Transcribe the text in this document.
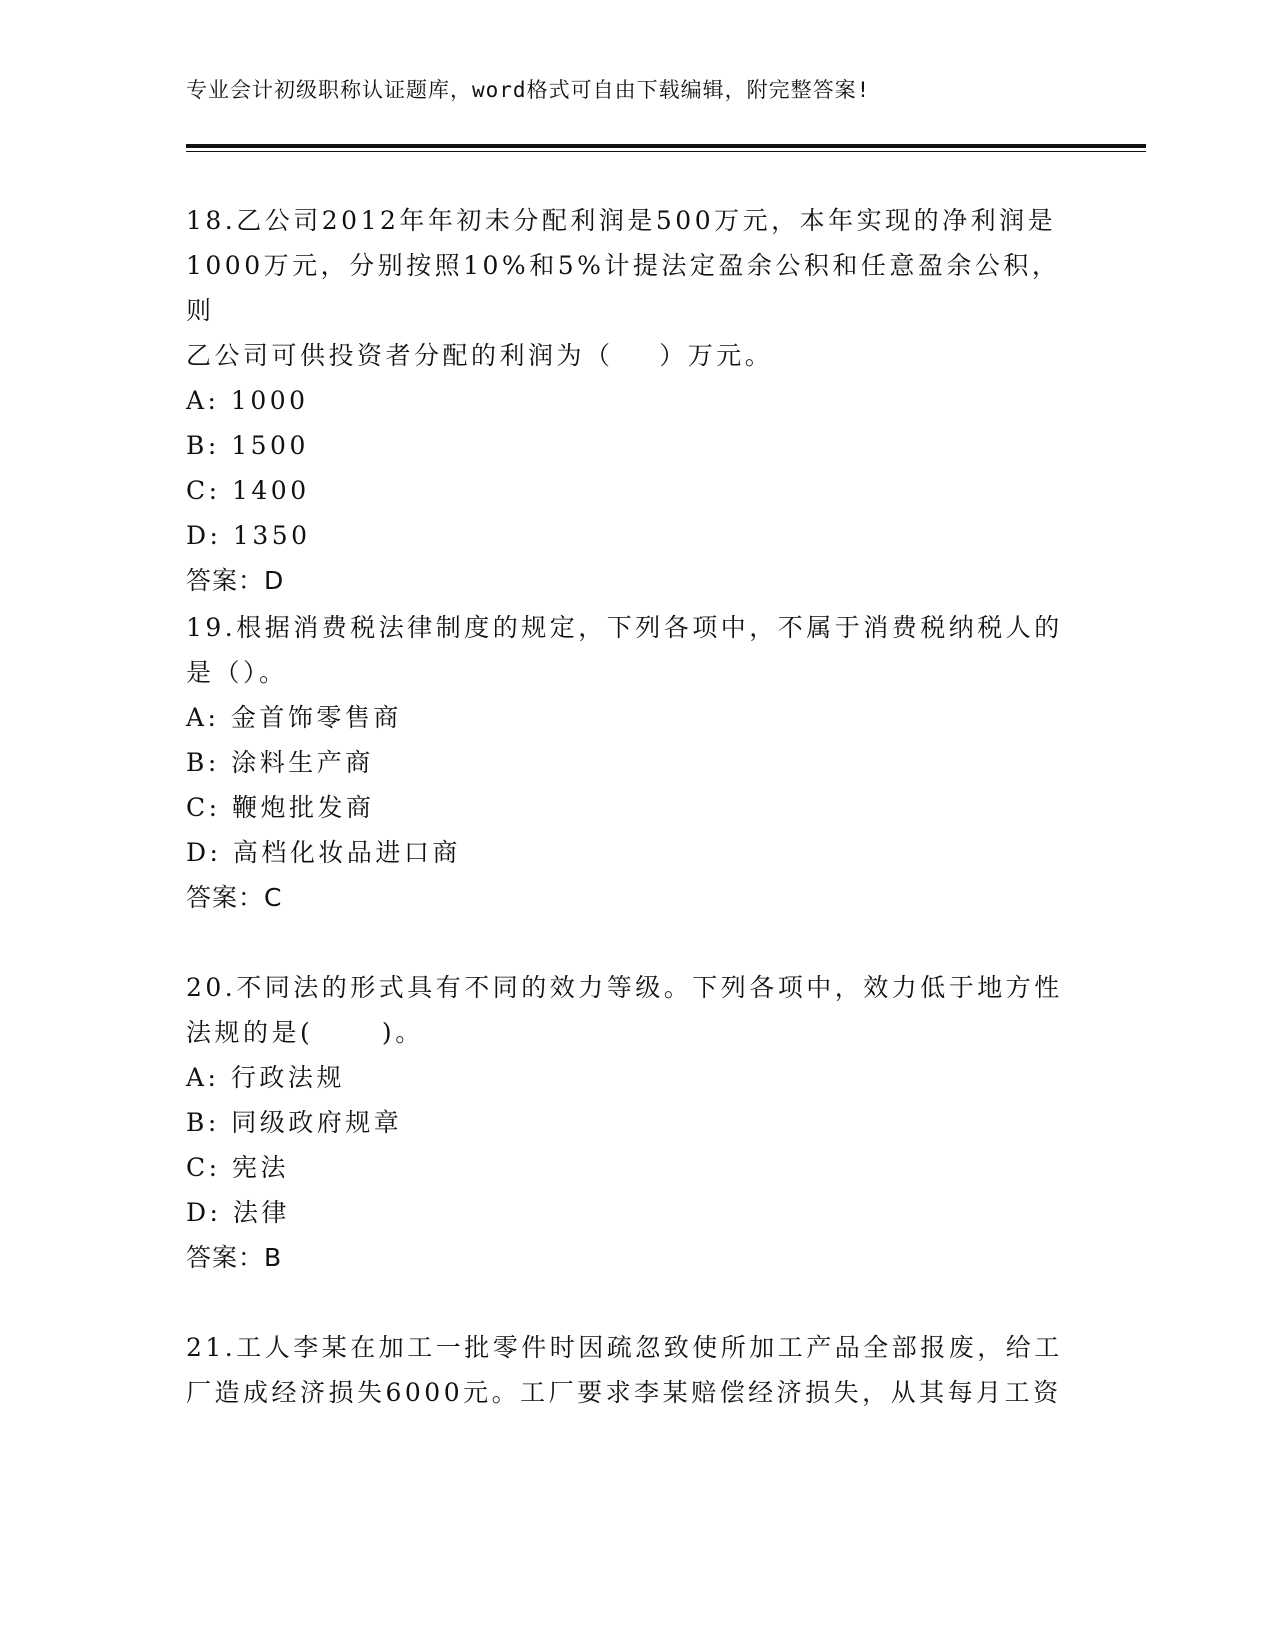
专业会计初级职称认证题库，word格式可自由下载编辑，附完整答案!
18.乙公司2012年年初未分配利润是500万元，本年实现的净利润是
1000万元，分别按照10%和5%计提法定盈余公积和任意盈余公积，则
乙公司可供投资者分配的利润为（    ）万元。
A: 1000
B: 1500
C: 1400
D: 1350
答案：D
19.根据消费税法律制度的规定，下列各项中，不属于消费税纳税人的
是（）。
A: 金首饰零售商
B: 涂料生产商
C: 鞭炮批发商
D: 高档化妆品进口商
答案：C
20.不同法的形式具有不同的效力等级。下列各项中，效力低于地方性
法规的是(      )。
A: 行政法规
B: 同级政府规章
C: 宪法
D: 法律
答案：B
21.工人李某在加工一批零件时因疏忽致使所加工产品全部报废，给工
厂造成经济损失6000元。工厂要求李某赔偿经济损失，从其每月工资
